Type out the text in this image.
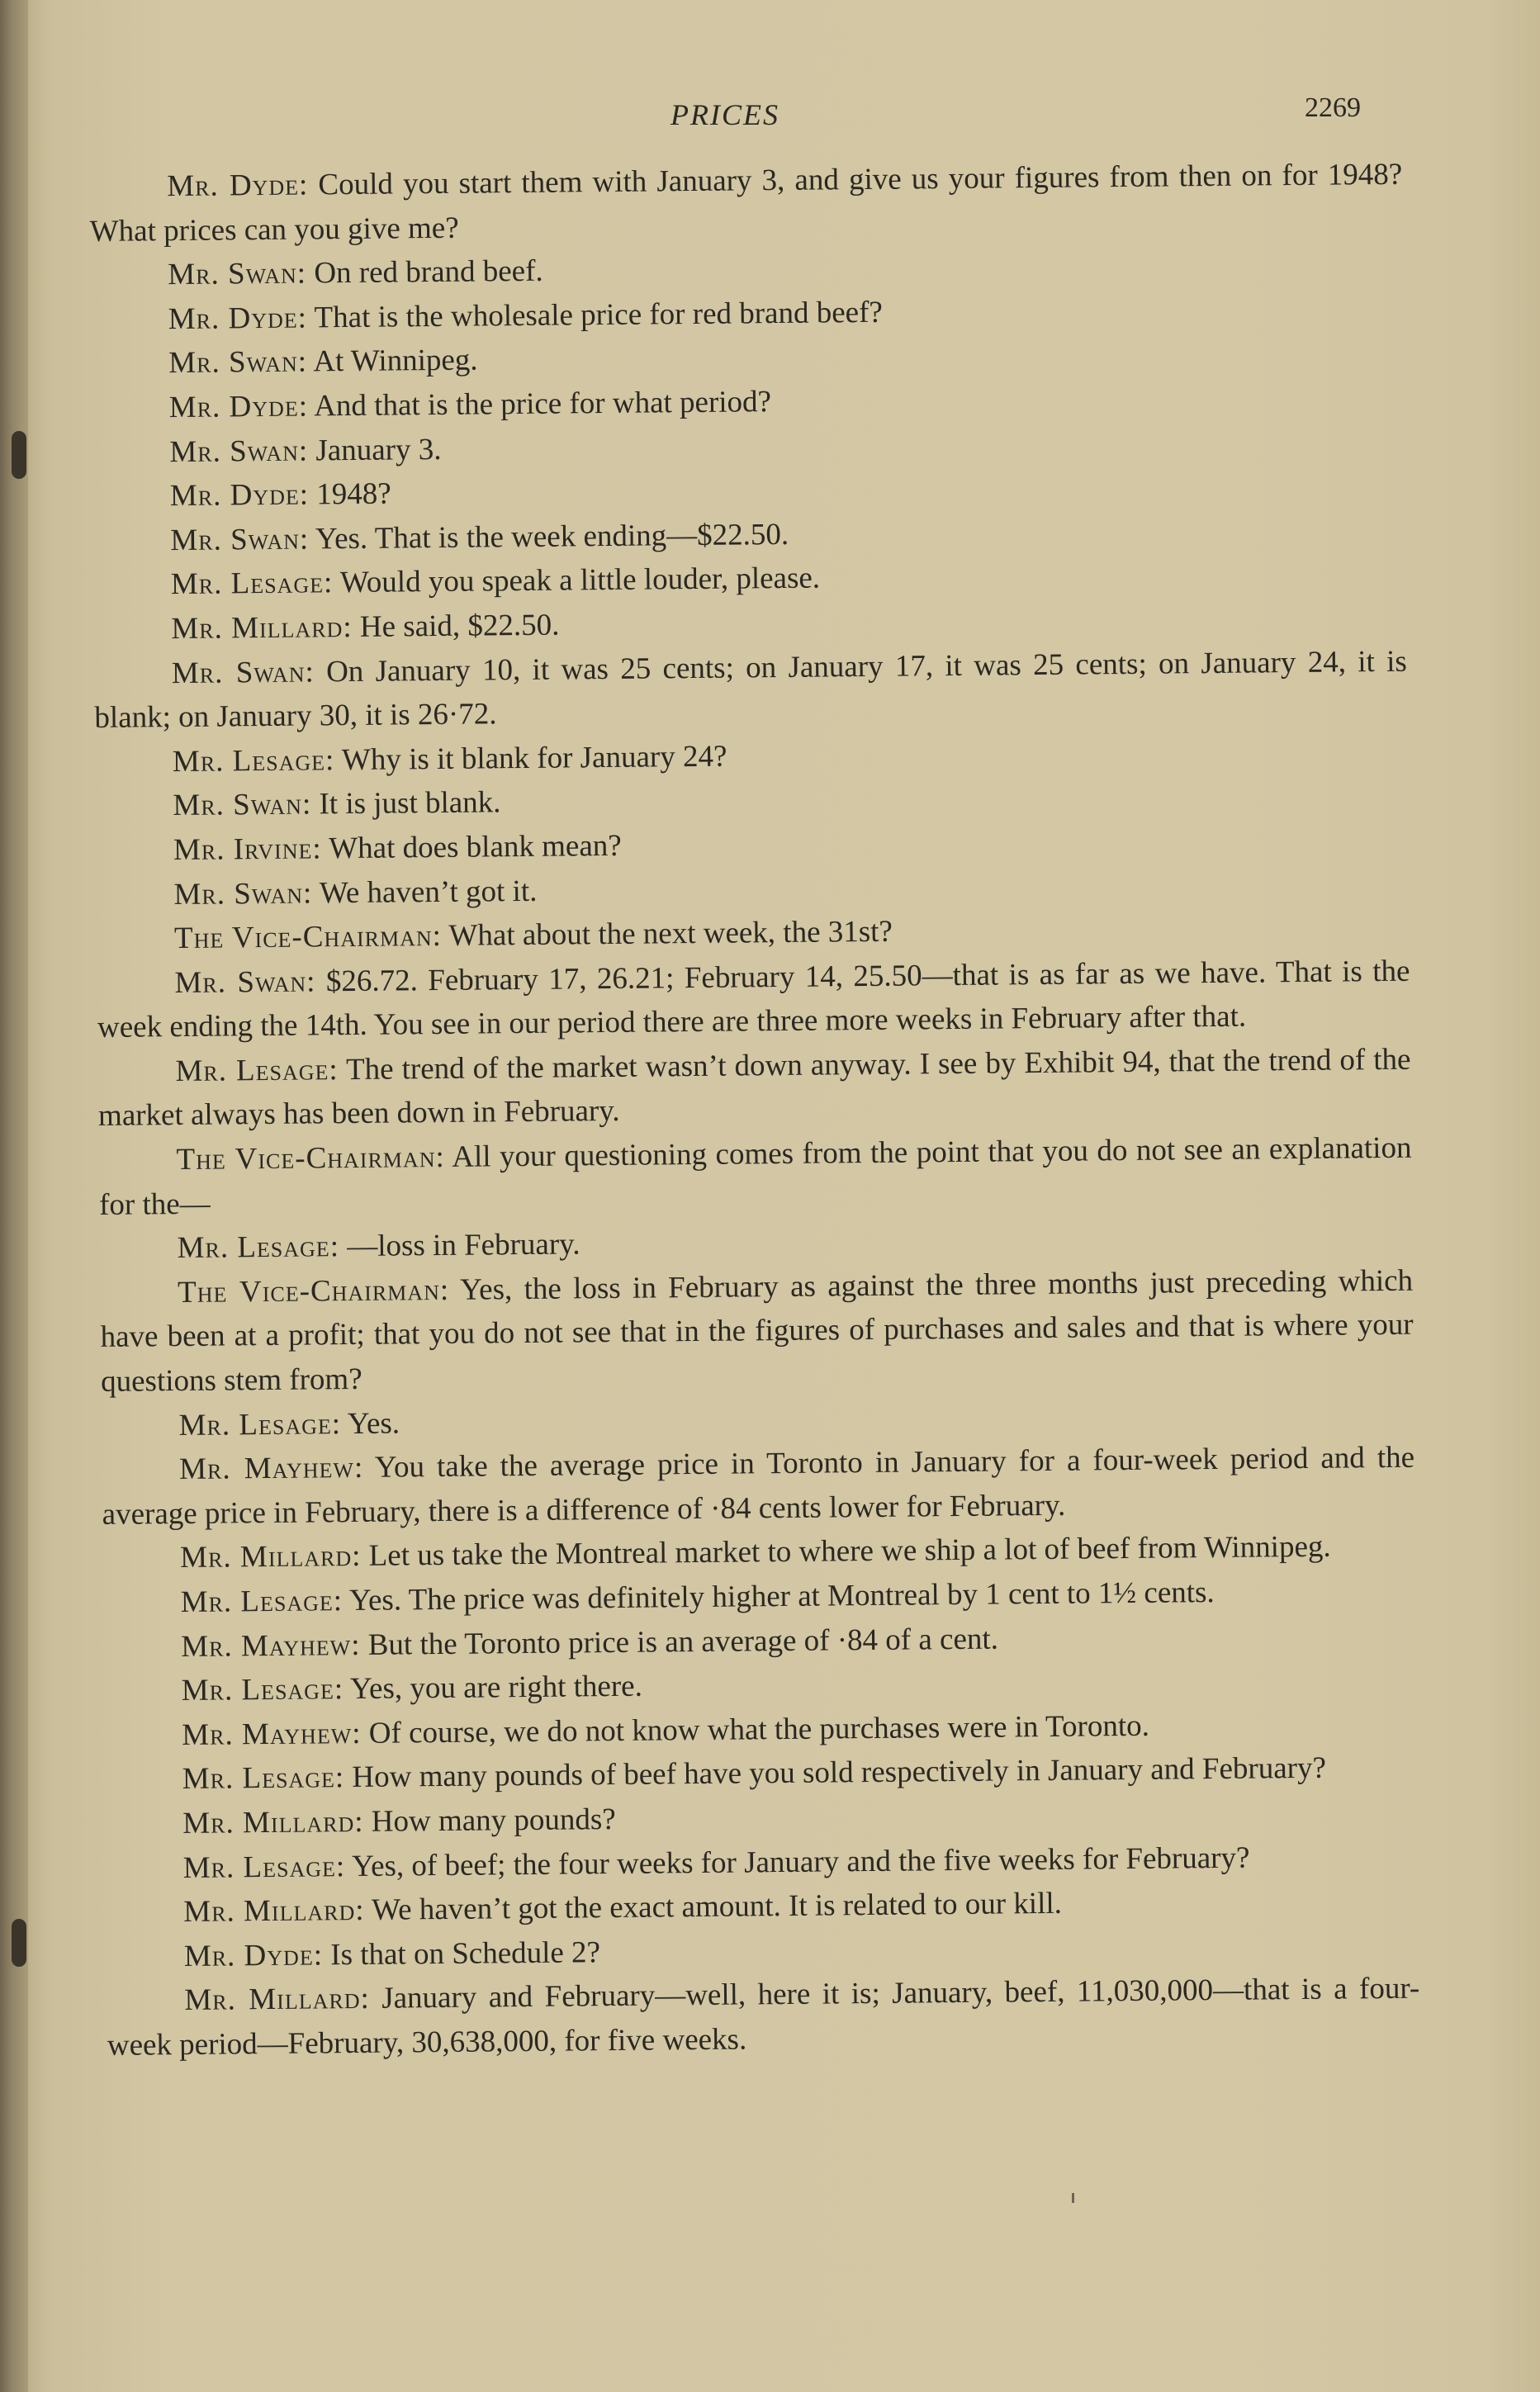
PRICES	2269

Mr. Dyde: Could you start them with January 3, and give us your figures from then on for 1948? What prices can you give me?

Mr. Swan: On red brand beef.

Mr. Dyde: That is the wholesale price for red brand beef?

Mr. Swan: At Winnipeg.

Mr. Dyde: And that is the price for what period?

Mr. Swan: January 3.

Mr. Dyde: 1948?

Mr. Swan: Yes. That is the week ending—$22.50.

Mr. Lesage: Would you speak a little louder, please.

Mr. Millard: He said, $22.50.

Mr. Swan: On January 10, it was 25 cents; on January 17, it was 25 cents; on January 24, it is blank; on January 30, it is 26·72.

Mr. Lesage: Why is it blank for January 24?

Mr. Swan: It is just blank.

Mr. Irvine: What does blank mean?

Mr. Swan: We haven’t got it.

The Vice-Chairman: What about the next week, the 31st?

Mr. Swan: $26.72. February 17, 26.21; February 14, 25.50—that is as far as we have. That is the week ending the 14th. You see in our period there are three more weeks in February after that.

Mr. Lesage: The trend of the market wasn’t down anyway. I see by Exhibit 94, that the trend of the market always has been down in February.

The Vice-Chairman: All your questioning comes from the point that you do not see an explanation for the—

Mr. Lesage: —loss in February.

The Vice-Chairman: Yes, the loss in February as against the three months just preceding which have been at a profit; that you do not see that in the figures of purchases and sales and that is where your questions stem from?

Mr. Lesage: Yes.

Mr. Mayhew: You take the average price in Toronto in January for a four-week period and the average price in February, there is a difference of ·84 cents lower for February.

Mr. Millard: Let us take the Montreal market to where we ship a lot of beef from Winnipeg.

Mr. Lesage: Yes. The price was definitely higher at Montreal by 1 cent to 1½ cents.

Mr. Mayhew: But the Toronto price is an average of ·84 of a cent.

Mr. Lesage: Yes, you are right there.

Mr. Mayhew: Of course, we do not know what the purchases were in Toronto.

Mr. Lesage: How many pounds of beef have you sold respectively in January and February?

Mr. Millard: How many pounds?

Mr. Lesage: Yes, of beef; the four weeks for January and the five weeks for February?

Mr. Millard: We haven’t got the exact amount. It is related to our kill.

Mr. Dyde: Is that on Schedule 2?

Mr. Millard: January and February—well, here it is; January, beef, 11,030,000—that is a four-week period—February, 30,638,000, for five weeks.
